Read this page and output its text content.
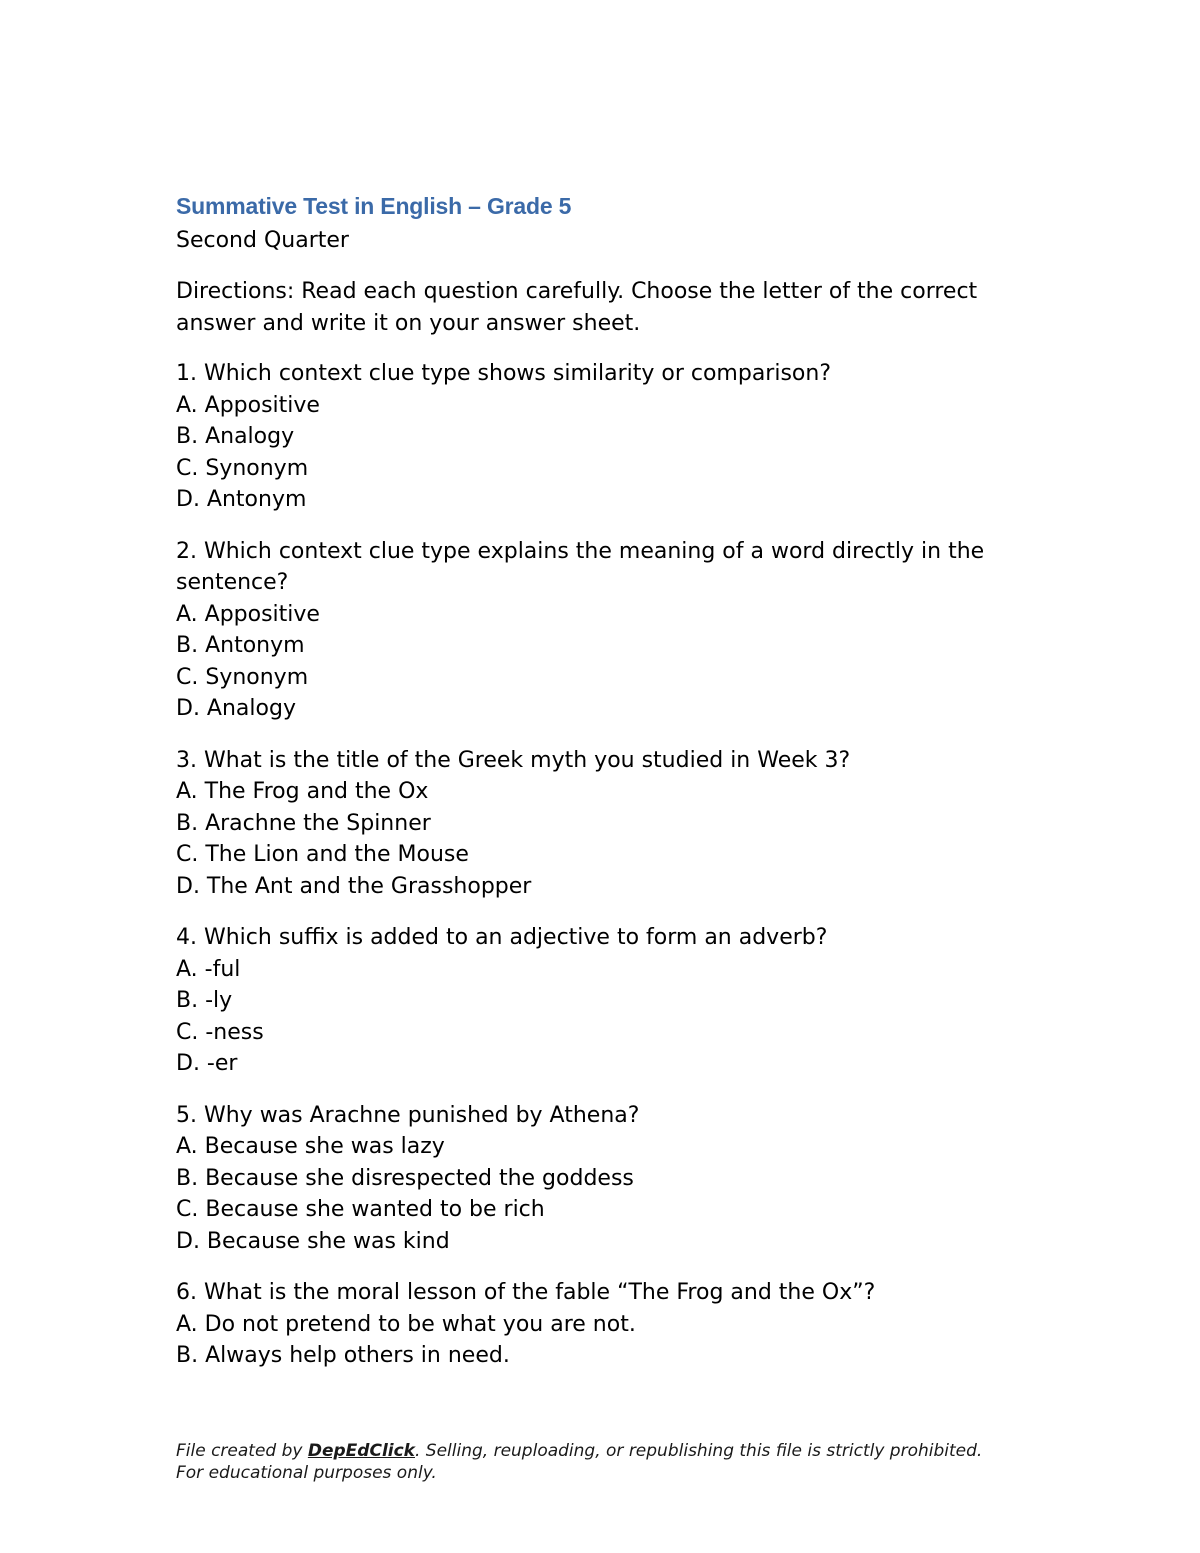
Summative Test in English – Grade 5

Second Quarter

Directions: Read each question carefully. Choose the letter of the correct answer and write it on your answer sheet.

1. Which context clue type shows similarity or comparison?

A. Appositive
B. Analogy
C. Synonym
D. Antonym

2. Which context clue type explains the meaning of a word directly in the sentence?

A. Appositive
B. Antonym
C. Synonym
D. Analogy

3. What is the title of the Greek myth you studied in Week 3?

A. The Frog and the Ox
B. Arachne the Spinner
C. The Lion and the Mouse
D. The Ant and the Grasshopper

4. Which suffix is added to an adjective to form an adverb?

A. -ful
B. -ly
C. -ness
D. -er

5. Why was Arachne punished by Athena?

A. Because she was lazy
B. Because she disrespected the goddess
C. Because she wanted to be rich
D. Because she was kind

6. What is the moral lesson of the fable “The Frog and the Ox”?

A. Do not pretend to be what you are not.
B. Always help others in need.
File created by DepEdClick. Selling, reuploading, or republishing this file is strictly prohibited.
For educational purposes only.
